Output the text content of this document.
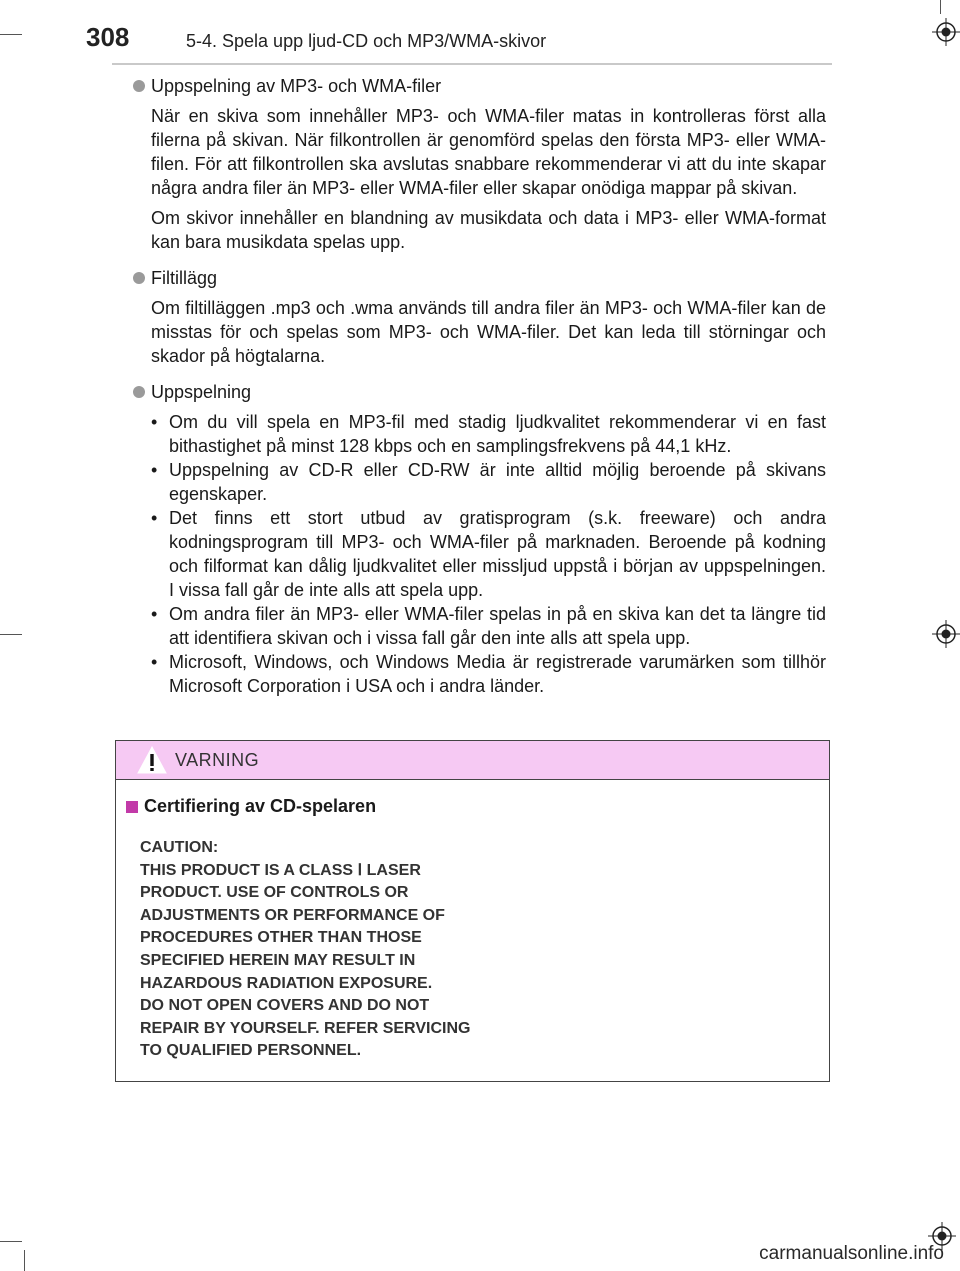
308	5-4. Spela upp ljud-CD och MP3/WMA-skivor
Uppspelning av MP3- och WMA-filer

När en skiva som innehåller MP3- och WMA-filer matas in kontrolleras först alla filerna på skivan. När filkontrollen är genomförd spelas den första MP3- eller WMA-filen. För att filkontrollen ska avslutas snabbare rekommenderar vi att du inte skapar några andra filer än MP3- eller WMA-filer eller skapar onödiga mappar på skivan.

Om skivor innehåller en blandning av musikdata och data i MP3- eller WMA-format kan bara musikdata spelas upp.

Filtillägg

Om filtilläggen .mp3 och .wma används till andra filer än MP3- och WMA-filer kan de misstas för och spelas som MP3- och WMA-filer. Det kan leda till störningar och skador på högtalarna.

Uppspelning
• Om du vill spela en MP3-fil med stadig ljudkvalitet rekommenderar vi en fast bithastighet på minst 128 kbps och en samplingsfrekvens på 44,1 kHz.
• Uppspelning av CD-R eller CD-RW är inte alltid möjlig beroende på skivans egenskaper.
• Det finns ett stort utbud av gratisprogram (s.k. freeware) och andra kodningsprogram till MP3- och WMA-filer på marknaden. Beroende på kodning och filformat kan dålig ljudkvalitet eller missljud uppstå i början av uppspelningen. I vissa fall går de inte alls att spela upp.
• Om andra filer än MP3- eller WMA-filer spelas in på en skiva kan det ta längre tid att identifiera skivan och i vissa fall går den inte alls att spela upp.
• Microsoft, Windows, och Windows Media är registrerade varumärken som tillhör Microsoft Corporation i USA och i andra länder.
VARNING
Certifiering av CD-spelaren
CAUTION:
THIS PRODUCT IS A CLASS Ⅰ LASER
PRODUCT. USE OF CONTROLS OR
ADJUSTMENTS OR PERFORMANCE OF
PROCEDURES OTHER THAN THOSE
SPECIFIED HEREIN MAY RESULT IN
HAZARDOUS RADIATION EXPOSURE.
DO NOT OPEN COVERS AND DO NOT
REPAIR BY YOURSELF. REFER SERVICING
TO QUALIFIED PERSONNEL.
carmanualsonline.info
